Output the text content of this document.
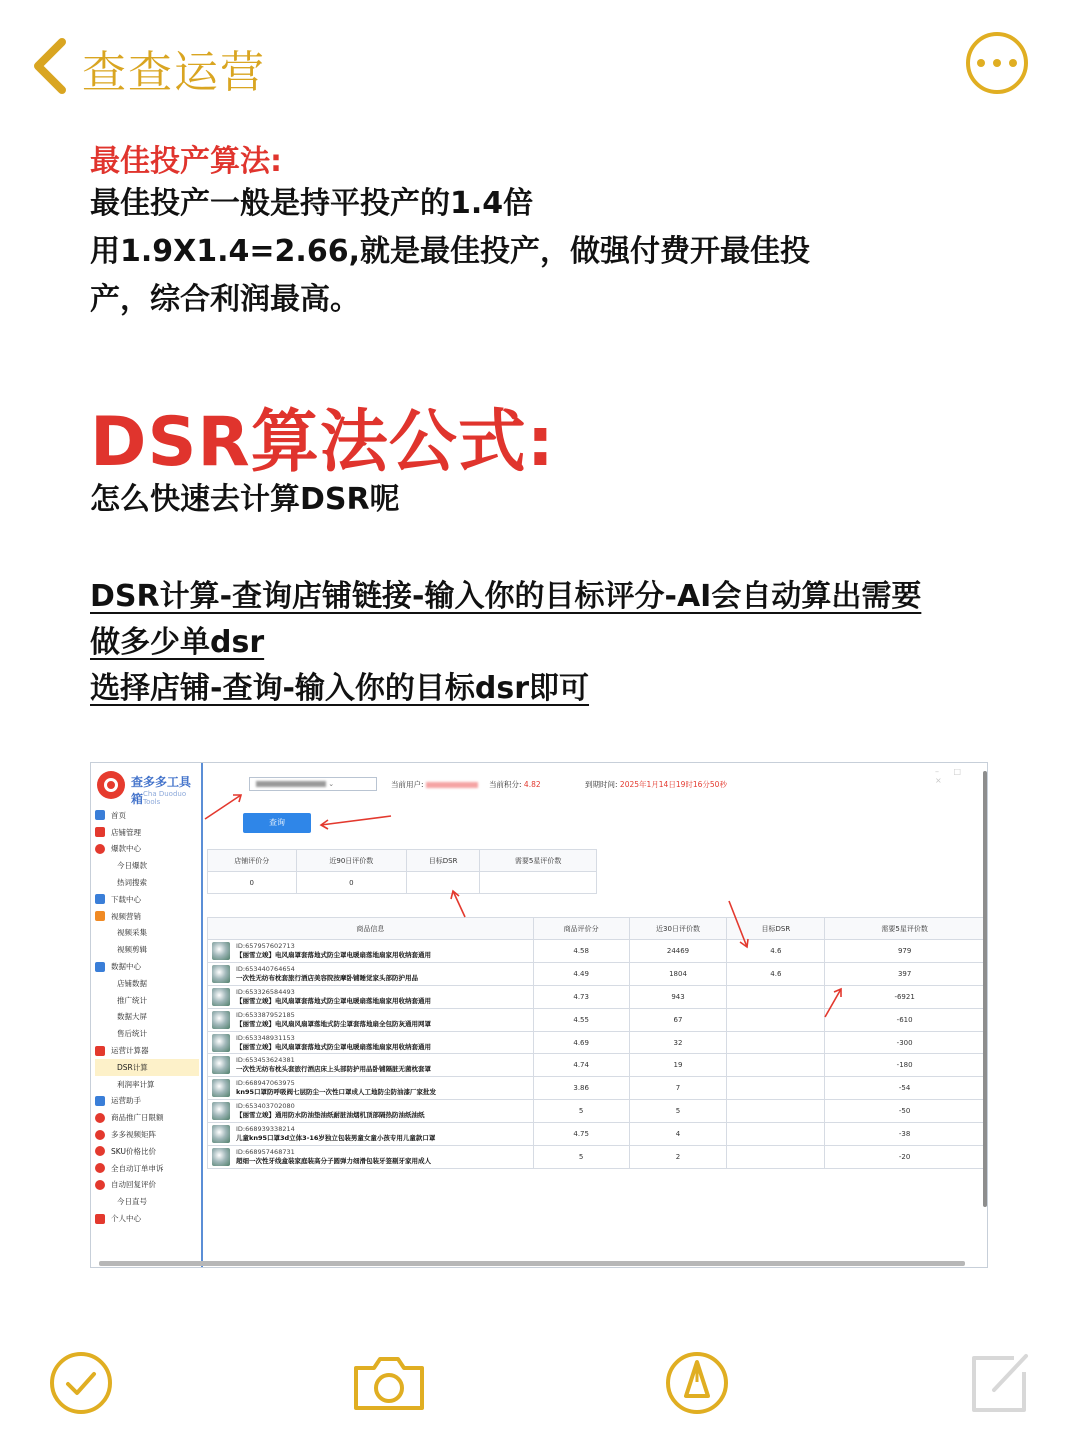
查查运营
最佳投产算法:
最佳投产一般是持平投产的1.4倍
用1.9X1.4=2.66,就是最佳投产，做强付费开最佳投
产，综合利润最高。
DSR算法公式:
怎么快速去计算DSR呢
DSR计算-查询店铺链接-输入你的目标评分-AI会自动算出需要
做多少单dsr
选择店铺-查询-输入你的目标dsr即可
查多多工具箱 Cha Duoduo Tools
首页
店铺管理
爆款中心
今日爆款
热词搜索
下载中心
视频营销
视频采集
视频剪辑
数据中心
店铺数据
推广统计
数据大屏
售后统计
运营计算器
DSR计算
利润率计算
运营助手
商品推广日限额
多多视频矩阵
SKU价格比价
全自动订单申诉
自动回复评价
今日直号
个人中心
⌄	当前用户:	当前积分: 4.82	到期时间: 2025年1月14日19时16分50秒
查询
店铺评价分	近90日评价数	目标DSR	需要5星评价数
0	0		
商品信息	商品评价分	近30日评价数	目标DSR	需要5星评价数

ID:657957602713
【丽雪立竣】电风扇罩套落地式防尘罩电暖扇落地扇家用收纳套通用	4.58	24469	4.6	979

ID:653440764654
一次性无纺布枕套旅行酒店美容院按摩卧铺睡觉家头部防护用品	4.49	1804	4.6	397

ID:653326584493
【丽雪立竣】电风扇罩套落地式防尘罩电暖扇落地扇家用收纳套通用	4.73	943		-6921

ID:653387952185
【丽雪立竣】电风扇风扇罩落地式防尘罩套落地扇全包防灰通用网罩	4.55	67		-610

ID:653348931153
【丽雪立竣】电风扇罩套落地式防尘罩电暖扇落地扇家用收纳套通用	4.69	32		-300

ID:653453624381
一次性无纺布枕头套旅行酒店床上头部防护用品卧铺隔脏无菌枕套罩	4.74	19		-180

ID:668947063975
kn95口罩防呼吸阀七层防尘一次性口罩成人工地防尘防油漆厂家批发	3.86	7		-54

ID:653403702080
【丽雪立竣】通用防水防油垫油纸耐脏油烟机顶部隔热防油纸油纸	5	5		-50

ID:668939338214
儿童kn95口罩3d立体3-16岁独立包装男童女童小孩专用儿童款口罩	4.75	4		-38

ID:668957468731
超细一次性牙线盒装家庭装高分子圆弹力细滑包装牙签剔牙家用成人	5	2		-20
– □ ×
